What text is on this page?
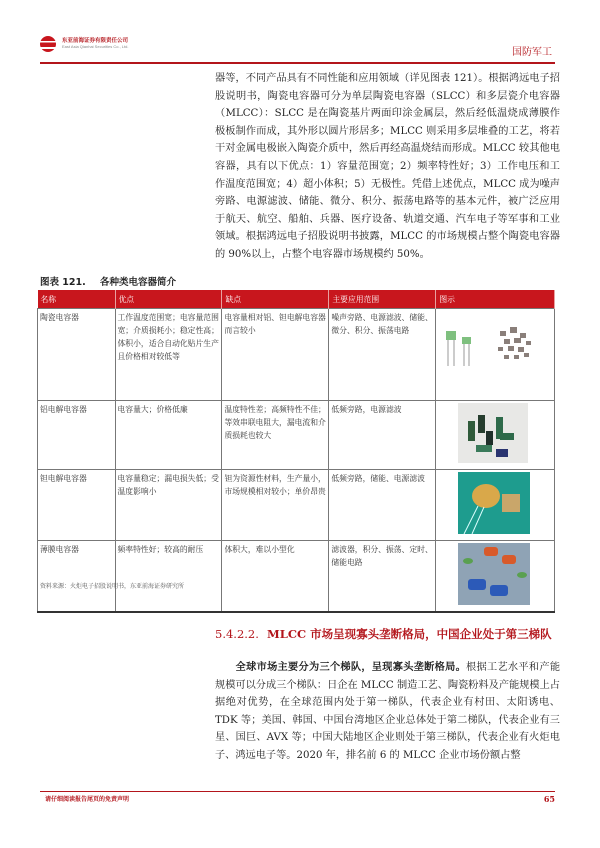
东亚前海证券有限责任公司
East Asia Qianhai Securities Co., Ltd.
国防军工
器等，不同产品具有不同性能和应用领域（详见图表 121）。根据鸿远电子招股说明书，陶瓷电容器可分为单层陶瓷电容器（SLCC）和多层瓷介电容器（MLCC）：SLCC 是在陶瓷基片两面印涂金属层，然后经低温烧成薄膜作极板制作而成，其外形以圆片形居多；MLCC 则采用多层堆叠的工艺，将若干对金属电极嵌入陶瓷介质中，然后再经高温烧结而形成。MLCC 较其他电容器，具有以下优点：1）容量范围宽；2）频率特性好；3）工作电压和工作温度范围宽；4）超小体积；5）无极性。凭借上述优点，MLCC 成为噪声旁路、电源滤波、储能、微分、积分、振荡电路等的基本元件，被广泛应用于航天、航空、船舶、兵器、医疗设备、轨道交通、汽车电子等军事和工业领域。根据鸿远电子招股说明书披露，MLCC 的市场规模占整个陶瓷电容器的 90%以上，占整个电容器市场规模约 50%。
图表 121. 各种类电容器简介
名称	优点	缺点	主要应用范围	图示
陶瓷电容器	工作温度范围宽；电容量范围宽；介质损耗小；稳定性高；体积小，适合自动化贴片生产且价格相对较低等	电容量相对铝、钽电解电容器而言较小	噪声旁路、电源滤波、储能、微分、积分、振荡电路	
铝电解电容器	电容量大；价格低廉	温度特性差；高频特性不佳；等效串联电阻大，漏电流和介质损耗也较大	低频旁路，电源滤波	
钽电解电容器	电容量稳定；漏电损失低；受温度影响小	钽为资源性材料，生产量小，市场规模相对较小；单价昂贵	低频旁路，储能、电源滤波	
薄膜电容器	频率特性好；较高的耐压	体积大，难以小型化	滤波器，积分、振荡、定时、储能电路	
资料来源：火炬电子招股说明书，东亚前海证券研究所
5.4.2.2. MLCC 市场呈现寡头垄断格局，中国企业处于第三梯队
全球市场主要分为三个梯队，呈现寡头垄断格局。根据工艺水平和产能规模可以分成三个梯队：日企在 MLCC 制造工艺、陶瓷粉料及产能规模上占据绝对优势，在全球范围内处于第一梯队，代表企业有村田、太阳诱电、TDK 等；美国、韩国、中国台湾地区企业总体处于第二梯队，代表企业有三星、国巨、AVX 等；中国大陆地区企业则处于第三梯队，代表企业有火炬电子、鸿远电子等。2020 年，排名前 6 的 MLCC 企业市场份额占整
请仔细阅读报告尾页的免责声明	65
